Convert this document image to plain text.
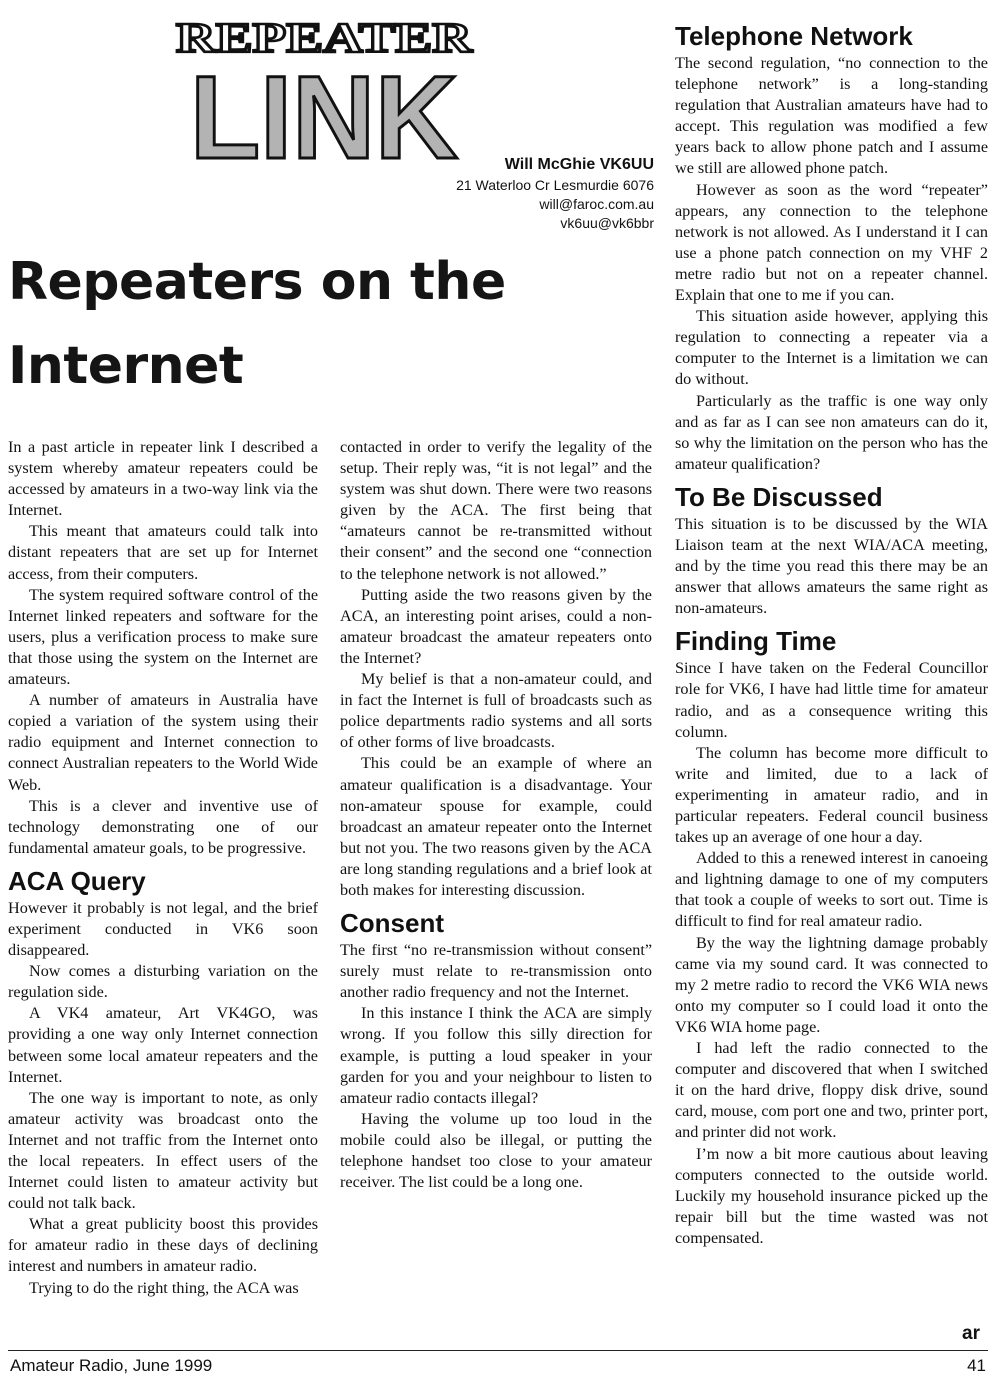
REPEATER
LINK	Will McGhie VK6UU
21 Waterloo Cr Lesmurdie 6076
will@faroc.com.au
vk6uu@vk6bbr
Repeaters on the
Internet

In a past article in repeater link I described a system whereby amateur repeaters could be accessed by amateurs in a two-way link via the Internet.

This meant that amateurs could talk into distant repeaters that are set up for Internet access, from their computers.

The system required software control of the Internet linked repeaters and software for the users, plus a verification process to make sure that those using the system on the Internet are amateurs.

A number of amateurs in Australia have copied a variation of the system using their radio equipment and Internet connection to connect Australian repeaters to the World Wide Web.

This is a clever and inventive use of technology demonstrating one of our fundamental amateur goals, to be progressive.

ACA Query

However it probably is not legal, and the brief experiment conducted in VK6 soon disappeared.

Now comes a disturbing variation on the regulation side.

A VK4 amateur, Art VK4GO, was providing a one way only Internet connection between some local amateur repeaters and the Internet.

The one way is important to note, as only amateur activity was broadcast onto the Internet and not traffic from the Internet onto the local repeaters. In effect users of the Internet could listen to amateur activity but could not talk back.

What a great publicity boost this provides for amateur radio in these days of declining interest and numbers in amateur radio.

Trying to do the right thing, the ACA was

contacted in order to verify the legality of the setup. Their reply was, “it is not legal” and the system was shut down. There were two reasons given by the ACA. The first being that “amateurs cannot be re-transmitted without their consent” and the second one “connection to the telephone network is not allowed.”

Putting aside the two reasons given by the ACA, an interesting point arises, could a non-amateur broadcast the amateur repeaters onto the Internet?

My belief is that a non-amateur could, and in fact the Internet is full of broadcasts such as police departments radio systems and all sorts of other forms of live broadcasts.

This could be an example of where an amateur qualification is a disadvantage. Your non-amateur spouse for example, could broadcast an amateur repeater onto the Internet but not you. The two reasons given by the ACA are long standing regulations and a brief look at both makes for interesting discussion.

Consent

The first “no re-transmission without consent” surely must relate to re-transmission onto another radio frequency and not the Internet.

In this instance I think the ACA are simply wrong. If you follow this silly direction for example, is putting a loud speaker in your garden for you and your neighbour to listen to amateur radio contacts illegal?

Having the volume up too loud in the mobile could also be illegal, or putting the telephone handset too close to your amateur receiver. The list could be a long one.

Telephone Network

The second regulation, “no connection to the telephone network” is a long-standing regulation that Australian amateurs have had to accept. This regulation was modified a few years back to allow phone patch and I assume we still are allowed phone patch.

However as soon as the word “repeater” appears, any connection to the telephone network is not allowed. As I understand it I can use a phone patch connection on my VHF 2 metre radio but not on a repeater channel. Explain that one to me if you can.

This situation aside however, applying this regulation to connecting a repeater via a computer to the Internet is a limitation we can do without.

Particularly as the traffic is one way only and as far as I can see non amateurs can do it, so why the limitation on the person who has the amateur qualification?

To Be Discussed

This situation is to be discussed by the WIA Liaison team at the next WIA/ACA meeting, and by the time you read this there may be an answer that allows amateurs the same right as non-amateurs.

Finding Time

Since I have taken on the Federal Councillor role for VK6, I have had little time for amateur radio, and as a consequence writing this column.

The column has become more difficult to write and limited, due to a lack of experimenting in amateur radio, and in particular repeaters. Federal council business takes up an average of one hour a day.

Added to this a renewed interest in canoeing and lightning damage to one of my computers that took a couple of weeks to sort out. Time is difficult to find for real amateur radio.

By the way the lightning damage probably came via my sound card. It was connected to my 2 metre radio to record the VK6 WIA news onto my computer so I could load it onto the VK6 WIA home page.

I had left the radio connected to the computer and discovered that when I switched it on the hard drive, floppy disk drive, sound card, mouse, com port one and two, printer port, and printer did not work.

I’m now a bit more cautious about leaving computers connected to the outside world. Luckily my household insurance picked up the repair bill but the time wasted was not compensated.

ar
Amateur Radio, June 1999	41
